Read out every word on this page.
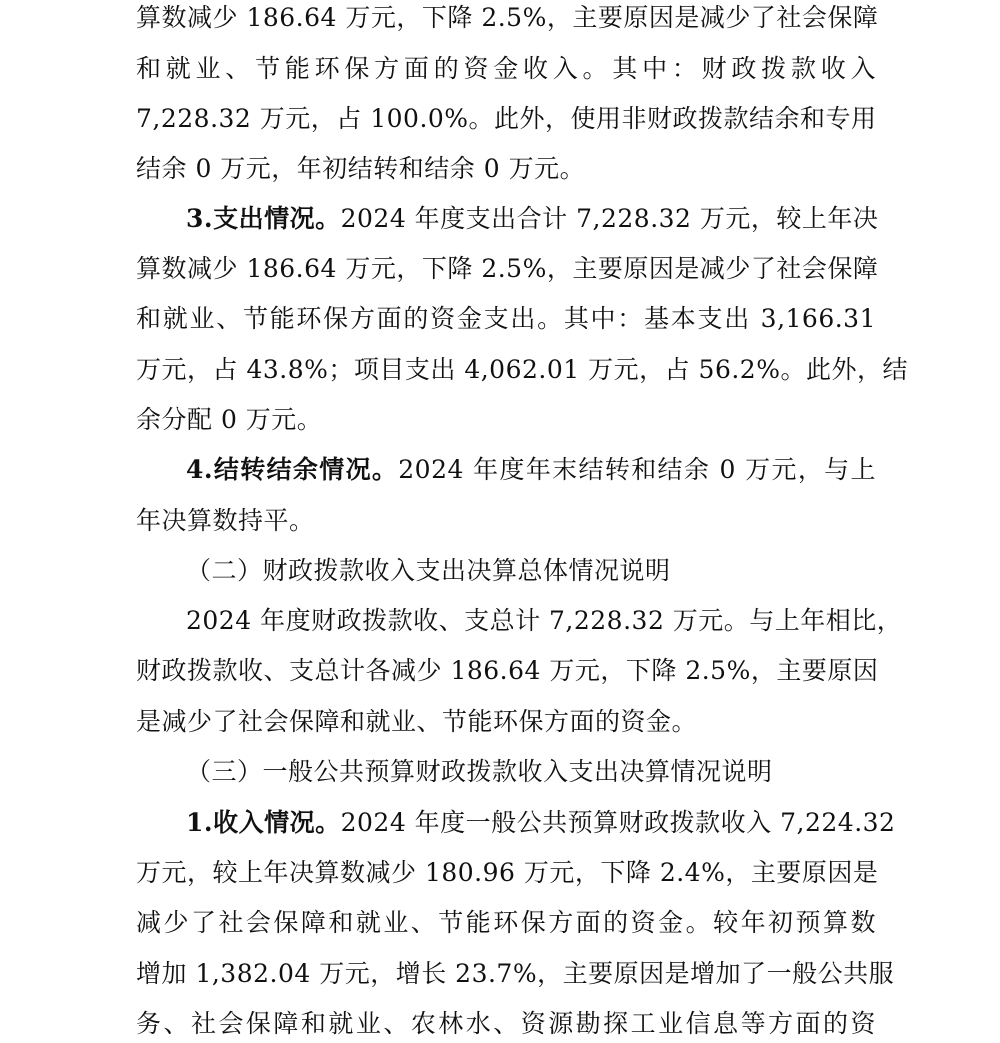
算数减少 186.64 万元，下降 2.5%，主要原因是减少了社会保障
和就业、节能环保方面的资金收入。其中：财政拨款收入
7,228.32 万元，占 100.0%。此外，使用非财政拨款结余和专用
结余 0 万元，年初结转和结余 0 万元。
3.支出情况。2024 年度支出合计 7,228.32 万元，较上年决
算数减少 186.64 万元，下降 2.5%，主要原因是减少了社会保障
和就业、节能环保方面的资金支出。其中：基本支出 3,166.31
万元，占 43.8%；项目支出 4,062.01 万元，占 56.2%。此外，结
余分配 0 万元。
4.结转结余情况。2024 年度年末结转和结余 0 万元，与上
年决算数持平。
（二）财政拨款收入支出决算总体情况说明
2024 年度财政拨款收、支总计 7,228.32 万元。与上年相比，
财政拨款收、支总计各减少 186.64 万元，下降 2.5%，主要原因
是减少了社会保障和就业、节能环保方面的资金。
（三）一般公共预算财政拨款收入支出决算情况说明
1.收入情况。2024 年度一般公共预算财政拨款收入 7,224.32
万元，较上年决算数减少 180.96 万元，下降 2.4%，主要原因是
减少了社会保障和就业、节能环保方面的资金。较年初预算数
增加 1,382.04 万元，增长 23.7%，主要原因是增加了一般公共服
务、社会保障和就业、农林水、资源勘探工业信息等方面的资
